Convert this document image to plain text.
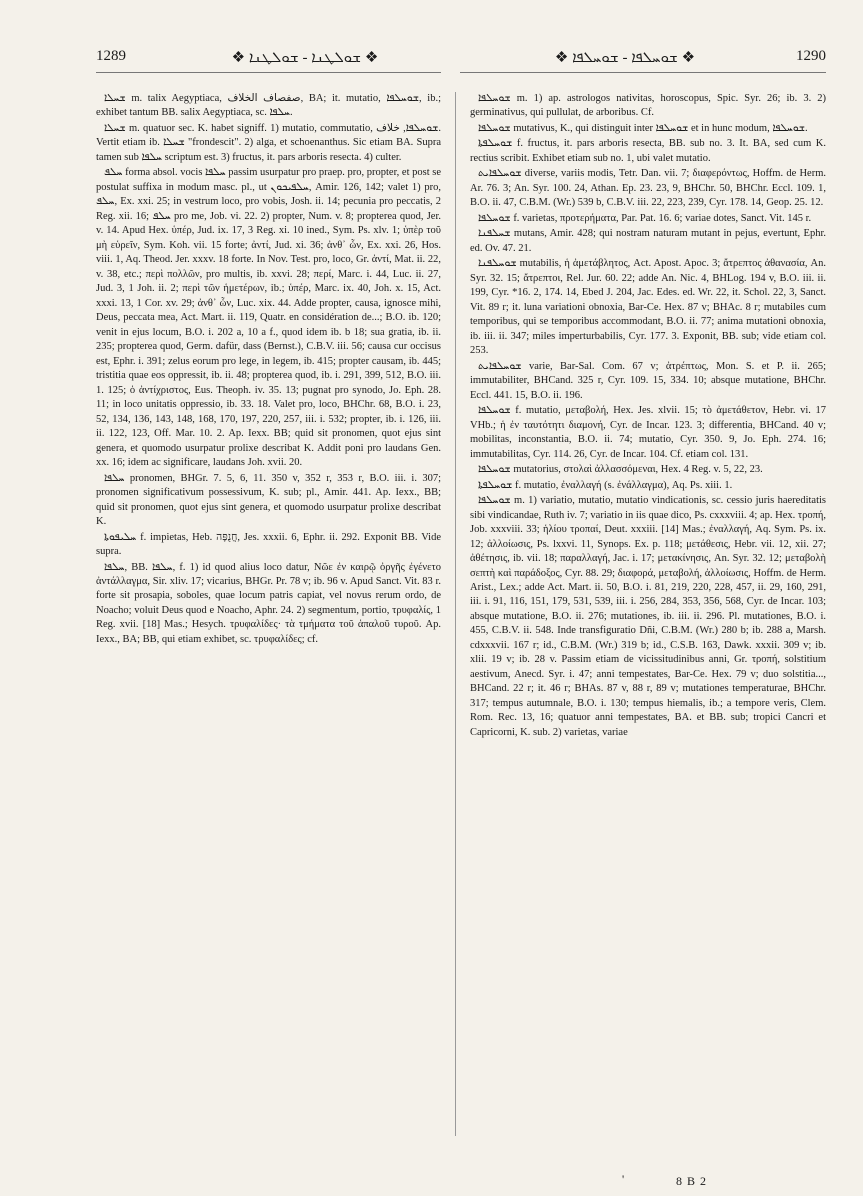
1289	❖ ܫܘܠܛܢܐ - ܫܘܠܛܢܐ ❖	❖ ܫܘܚܠܦܐ - ܫܘܚܠܦܐ ❖	1290

ܫܚܠܐ m. talix Aegyptiaca, صفصاف الخلاف, BA; it. mutatio, ܫܘܚܠܦܐ, ib.; exhibet tantum BB. salix Aegyptiaca, sc. ܚܠܦܐ.

ܫܚܠܐ m. quatuor sec. K. habet signiff. 1) mutatio, commutatio, ܫܘܚܠܦܐ, خلاف. Vertit etiam ib. ܫܚܠܐ "frondescit". 2) alga, et schoenanthus. Sic etiam BA. Supra tamen sub ܚܠܦܐ scriptum est. 3) fructus, it. pars arboris resecta. 4) culter.

ܚܠܦ forma absol. vocis ܚܠܦܐ passim usurpatur pro praep. pro, propter, et post se postulat suffixa in modum masc. pl., ut ܚܠܦܝܟܘܢ, Amir. 126, 142; valet 1) pro, ܚܠܦ, Ex. xxi. 25; in vestrum loco, pro vobis, Josh. ii. 14; pecunia pro peccatis, 2 Reg. xii. 16; ܚܠܦ pro me, Job. vi. 22. 2) propter, Num. v. 8; propterea quod, Jer. v. 14. Apud Hex. ὑπέρ, Jud. ix. 17, 3 Reg. xi. 10 ined., Sym. Ps. xlv. 1; ὑπὲρ τοῦ μὴ εὑρεῖν, Sym. Koh. vii. 15 forte; ἀντί, Jud. xi. 36; ἀνθ᾽ ὧν, Ex. xxi. 26, Hos. viii. 1, Aq. Theod. Jer. xxxv. 18 forte. In Nov. Test. pro, loco, Gr. ἀντί, Mat. ii. 22, v. 38, etc.; περὶ πολλῶν, pro multis, ib. xxvi. 28; περί, Marc. i. 44, Luc. ii. 27, Jud. 3, 1 Joh. ii. 2; περὶ τῶν ἡμετέρων, ib.; ὑπέρ, Marc. ix. 40, Joh. x. 15, Act. xxxi. 13, 1 Cor. xv. 29; ἀνθ᾽ ὧν, Luc. xix. 44. Adde propter, causa, ignosce mihi, Deus, peccata mea, Act. Mart. ii. 119, Quatr. en considération de...; B.O. ib. 120; venit in ejus locum, B.O. i. 202 a, 10 a f., quod idem ib. b 18; sua gratia, ib. ii. 235; propterea quod, Germ. dafür, dass (Bernst.), C.B.V. iii. 56; causa cur occisus est, Ephr. i. 391; zelus eorum pro lege, in legem, ib. 415; propter causam, ib. 445; tristitia quae eos oppressit, ib. ii. 48; propterea quod, ib. i. 291, 399, 512, B.O. iii. 1. 125; ὁ ἀντίχριστος, Eus. Theoph. iv. 35. 13; pugnat pro synodo, Jo. Eph. 28. 11; in loco unitatis oppressio, ib. 33. 18. Valet pro, loco, BHChr. 68, B.O. i. 23, 52, 134, 136, 143, 148, 168, 170, 197, 220, 257, iii. i. 532; propter, ib. i. 126, iii. ii. 122, 123, Off. Mar. 10. 2. Ap. Iexx. BB; quid sit pronomen, quot ejus sint genera, et quomodo usurpatur prolixe describat K. Addit poni pro laudans Gen. xx. 16; idem ac significare, laudans Joh. xvii. 20.

ܚܠܦܐ pronomen, BHGr. 7. 5, 6, 11. 350 v, 352 r, 353 r, B.O. iii. i. 307; pronomen significativum possessivum, K. sub; pl., Amir. 441. Ap. Iexx., BB; quid sit pronomen, quot ejus sint genera, et quomodo usurpatur prolixe describat K.

ܚܠܝܦܘܬܐ f. impietas, Heb. חֲנֻפָּה, Jes. xxxii. 6, Ephr. ii. 292. Exponit BB. Vide supra.

ܚܠܦܐ, BB. ܚܠܦܐ, f. 1) id quod alius loco datur, Νῶε ἐν καιρῷ ὀργῆς ἐγένετο ἀντάλλαγμα, Sir. xliv. 17; vicarius, BHGr. Pr. 78 v; ib. 96 v. Apud Sanct. Vit. 83 r. forte sit prosapia, soboles, quae locum patris capiat, vel novus rerum ordo, de Noacho; voluit Deus quod e Noacho, Aphr. 24. 2) segmentum, portio, τρυφαλίς, 1 Reg. xvii. [18] Mas.; Hesych. τρυφαλίδες· τὰ τμήματα τοῦ ἁπαλοῦ τυροῦ. Ap. Iexx., BA; BB, qui etiam exhibet, sc. τρυφαλίδες; cf.

ܫܘܚܠܦܐ m. 1) ap. astrologos nativitas, horoscopus, Spic. Syr. 26; ib. 3. 2) germinativus, qui pullulat, de arboribus. Cf.

ܫܘܚܠܦܐ mutativus, K., qui distinguit inter ܫܘܚܠܦܐ et in hunc modum, ܫܘܚܠܦܐ.

ܫܘܚܠܦܬܐ f. fructus, it. pars arboris resecta, BB. sub no. 3. It. BA, sed cum K. rectius scribit. Exhibet etiam sub no. 1, ubi valet mutatio.

ܫܘܚܠܦܐܝܬ diverse, variis modis, Tetr. Dan. vii. 7; διαφερόντως, Hoffm. de Herm. Ar. 76. 3; An. Syr. 100. 24, Athan. Ep. 23. 23, 9, BHChr. 50, BHChr. Eccl. 109. 1, B.O. ii. 47, C.B.M. (Wr.) 539 b, C.B.V. iii. 22, 223, 239, Cyr. 178. 14, Geop. 25. 12.

ܫܘܚܠܦܐ f. varietas, προτερήματα, Par. Pat. 16. 6; variae dotes, Sanct. Vit. 145 r.

ܫܚܠܦܢܐ mutans, Amir. 428; qui nostram naturam mutant in pejus, evertunt, Ephr. ed. Ov. 47. 21.

ܫܘܚܠܦܢܐ mutabilis, ἡ ἀμετάβλητος, Act. Apost. Apoc. 3; ἄτρεπτος ἀθανασία, An. Syr. 32. 15; ἄτρεπτοι, Rel. Jur. 60. 22; adde An. Nic. 4, BHLog. 194 v, B.O. iii. ii. 199, Cyr. *16. 2, 174. 14, Ebed J. 204, Jac. Edes. ed. Wr. 22, it. Schol. 22, 3, Sanct. Vit. 89 r; it. luna variationi obnoxia, Bar-Ce. Hex. 87 v; BHAc. 8 r; mutabiles cum temporibus, qui se temporibus accommodant, B.O. ii. 77; anima mutationi obnoxia, ib. iii. ii. 347; miles imperturbabilis, Cyr. 177. 3. Exponit, BB. sub; vide etiam col. 253.

ܫܘܚܠܦܐܝܬ varie, Bar-Sal. Com. 67 v; ἀτρέπτως, Mon. S. et P. ii. 265; immutabiliter, BHCand. 325 r, Cyr. 109. 15, 334. 10; absque mutatione, BHChr. Eccl. 441. 15, B.O. ii. 196.

ܫܘܚܠܦܐ f. mutatio, μεταβολή, Hex. Jes. xlvii. 15; τὸ ἀμετάθετον, Hebr. vi. 17 VHb.; ἡ ἐν ταυτότητι διαμονή, Cyr. de Incar. 123. 3; differentia, BHCand. 40 v; mobilitas, inconstantia, B.O. ii. 74; mutatio, Cyr. 350. 9, Jo. Eph. 274. 16; immutabilitas, Cyr. 114. 26, Cyr. de Incar. 104. Cf. etiam col. 131.

ܫܘܚܠܦܐ mutatorius, στολαὶ ἀλλασσόμεναι, Hex. 4 Reg. v. 5, 22, 23.

ܫܘܚܠܦܬܐ f. mutatio, ἐναλλαγή (s. ἐνάλλαγμα), Aq. Ps. xiii. 1.

ܫܘܚܠܦܐ m. 1) variatio, mutatio, mutatio vindicationis, sc. cessio juris haereditatis sibi vindicandae, Ruth iv. 7; variatio in iis quae dico, Ps. cxxxviii. 4; ap. Hex. τροπή, Job. xxxviii. 33; ἡλίου τροπαί, Deut. xxxiii. [14] Mas.; ἐναλλαγή, Aq. Sym. Ps. ix. 12; ἀλλοίωσις, Ps. lxxvi. 11, Synops. Ex. p. 118; μετάθεσις, Hebr. vii. 12, xii. 27; ἀθέτησις, ib. vii. 18; παραλλαγή, Jac. i. 17; μετακίνησις, An. Syr. 32. 12; μεταβολὴ σεπτὴ καὶ παράδοξος, Cyr. 88. 29; διαφορά, μεταβολή, ἀλλοίωσις, Hoffm. de Herm. Arist., Lex.; adde Act. Mart. ii. 50, B.O. i. 81, 219, 220, 228, 457, ii. 29, 160, 291, iii. i. 91, 116, 151, 179, 531, 539, iii. i. 256, 284, 353, 356, 568, Cyr. de Incar. 103; absque mutatione, B.O. ii. 276; mutationes, ib. iii. ii. 296. Pl. mutationes, B.O. i. 455, C.B.V. ii. 548. Inde transfiguratio Dñi, C.B.M. (Wr.) 280 b; ib. 288 a, Marsh. cdxxxvii. 167 r; id., C.B.M. (Wr.) 319 b; id., C.S.B. 163, Dawk. xxxii. 309 v; ib. xlii. 19 v; ib. 28 v. Passim etiam de vicissitudinibus anni, Gr. τροπή, solstitium aestivum, Anecd. Syr. i. 47; anni tempestates, Bar-Ce. Hex. 79 v; duo solstitia..., BHCand. 22 r; it. 46 r; BHAs. 87 v, 88 r, 89 v; mutationes temperaturae, BHChr. 317; tempus autumnale, B.O. i. 130; tempus hiemalis, ib.; a tempore veris, Clem. Rom. Rec. 13, 16; quatuor anni tempestates, BA. et BB. sub; tropici Cancri et Capricorni, K. sub. 2) varietas, variae

'	8 B 2
